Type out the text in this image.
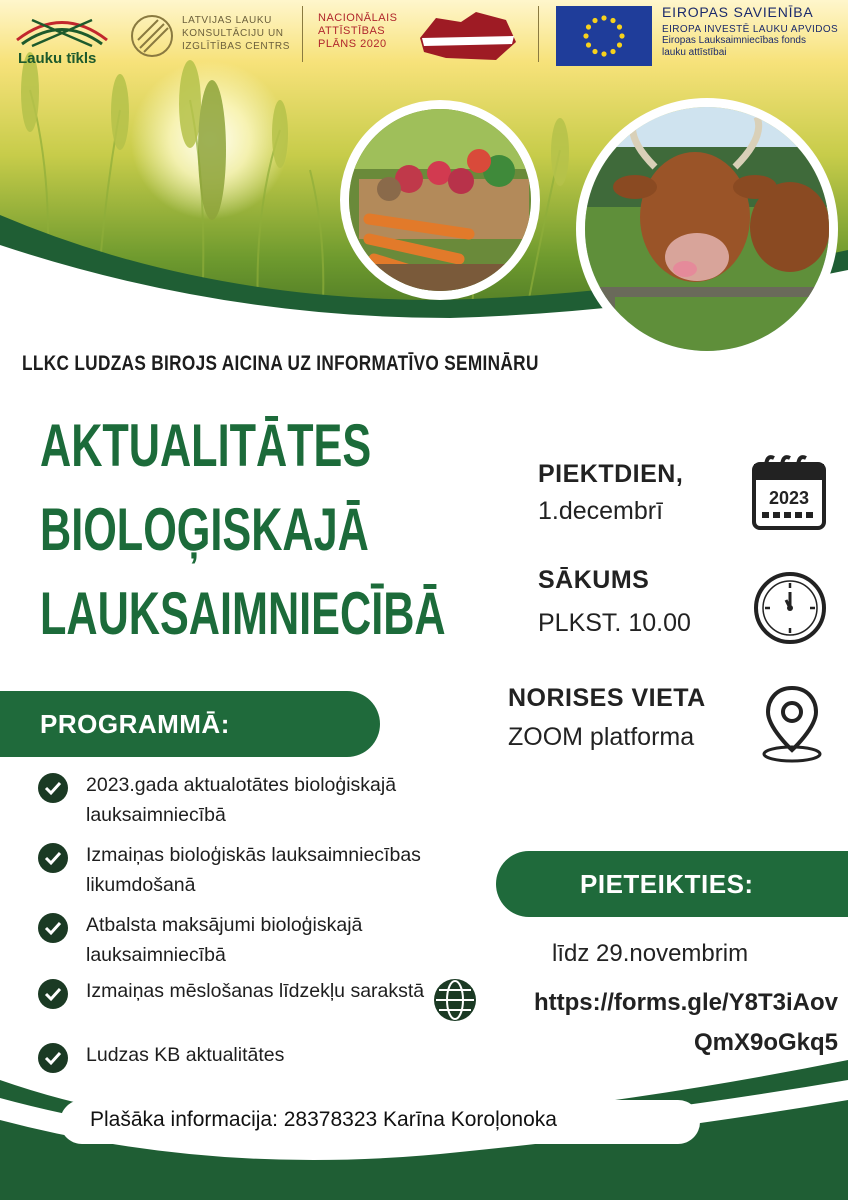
Lauku tīkls
LATVIJAS LAUKU
KONSULTĀCIJU UN
IZGLĪTĪBAS CENTRS
NACIONĀLAIS
ATTĪSTĪBAS
PLĀNS 2020
EIROPAS SAVIENĪBA
EIROPA INVESTĒ LAUKU APVIDOS
Eiropas Lauksaimniecības fonds
lauku attīstībai
LLKC LUDZAS BIROJS AICINA UZ INFORMATĪVO SEMINĀRU
AKTUALITĀTES
BIOLOĢISKAJĀ
LAUKSAIMNIECĪBĀ
PIEKTDIEN,
1.decembrī	2023
SĀKUMS
PLKST. 10.00
NORISES VIETA
ZOOM platforma
PROGRAMMĀ:
2023.gada aktualotātes bioloģiskajā lauksaimniecībā
Izmaiņas bioloģiskās lauksaimniecības likumdošanā
Atbalsta maksājumi bioloģiskajā lauksaimniecībā
Izmaiņas mēslošanas līdzekļu sarakstā
Ludzas KB aktualitātes
PIETEIKTIES:
līdz 29.novembrim
https://forms.gle/Y8T3iAov
QmX9oGkq5
Plašāka informacija: 28378323 Karīna Koroļonoka
